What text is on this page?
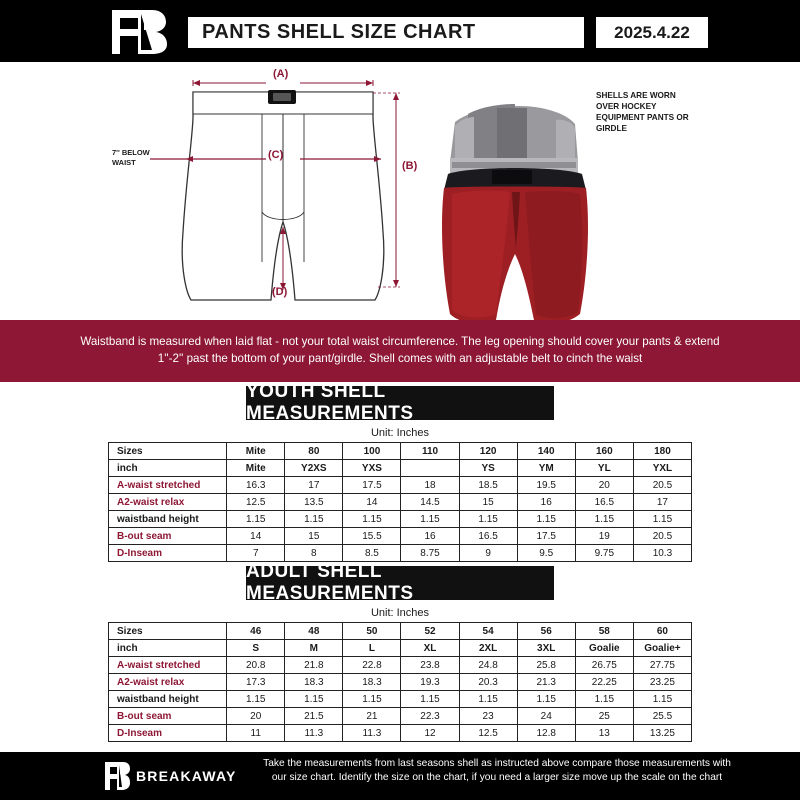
PANTS SHELL SIZE CHART	2025.4.22
(A)
(C)
(B)
(D)
7'' BELOW WAIST
SHELLS ARE WORN OVER HOCKEY EQUIPMENT PANTS OR GIRDLE

Waistband is measured when laid flat - not your total waist circumference. The leg opening should cover your pants & extend 1''-2'' past the bottom of your pant/girdle. Shell comes with an adjustable belt to cinch the waist

YOUTH SHELL MEASUREMENTS
Unit: Inches
Sizes	Mite	80	100	110	120	140	160	180
inch	Mite	Y2XS	YXS		YS	YM	YL	YXL
A-waist stretched	16.3	17	17.5	18	18.5	19.5	20	20.5
A2-waist relax	12.5	13.5	14	14.5	15	16	16.5	17
waistband height	1.15	1.15	1.15	1.15	1.15	1.15	1.15	1.15
B-out seam	14	15	15.5	16	16.5	17.5	19	20.5
D-Inseam	7	8	8.5	8.75	9	9.5	9.75	10.3
ADULT SHELL MEASUREMENTS
Unit: Inches
Sizes	46	48	50	52	54	56	58	60
inch	S	M	L	XL	2XL	3XL	Goalie	Goalie+
A-waist stretched	20.8	21.8	22.8	23.8	24.8	25.8	26.75	27.75
A2-waist relax	17.3	18.3	18.3	19.3	20.3	21.3	22.25	23.25
waistband height	1.15	1.15	1.15	1.15	1.15	1.15	1.15	1.15
B-out seam	20	21.5	21	22.3	23	24	25	25.5
D-Inseam	11	11.3	11.3	12	12.5	12.8	13	13.25
BREAKAWAY
Take the measurements from last seasons shell as instructed above compare those measurements with our size chart. Identify the size on the chart, if you need a larger size move up the scale on the chart
